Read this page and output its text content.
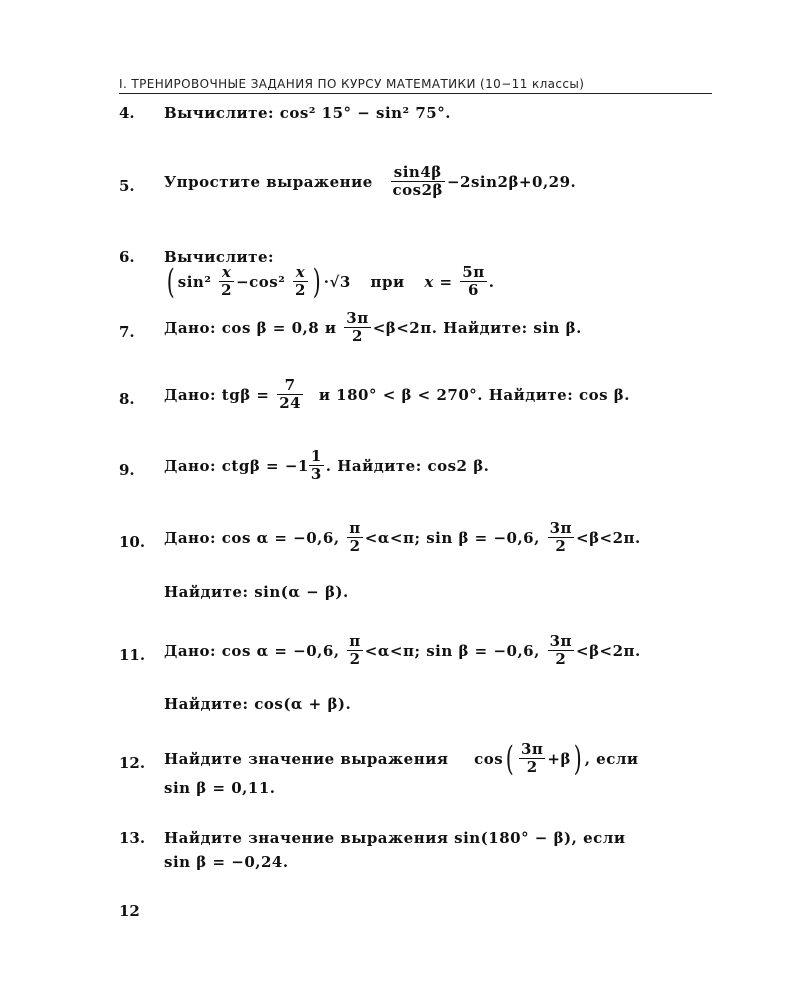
I. ТРЕНИРОВОЧНЫЕ ЗАДАНИЯ ПО КУРСУ МАТЕМАТИКИ (10−11 классы)
4. Вычислите: cos² 15° − sin² 75°.
5. Упростите выражение $\frac{\sin 4\beta}{\cos 2\beta} -2\sin 2\beta+0,29$.
6. Вычислите:
( $\sin^2 \frac{x}{2} -\cos^2 \frac{x}{2}$ ) ·√3 при $x = \frac{5\pi}{6}$ .
7. Дано: cos β = 0,8 и $\frac{3\pi}{2} <\beta<2\pi$. Найдите: sin β.
8. Дано: $tg\beta = \frac{7}{24}$ и 180° < β < 270°. Найдите: cos β.
9. Дано: $ctg\beta = -1 \frac{1}{3}$ . Найдите: cos2 β.
10. Дано: cos α = −0,6, $\frac{\pi}{2} <\alpha<\pi$; sin β = −0,6, $\frac{3\pi}{2} <\beta<2\pi$.
Найдите: sin(α − β).
11. Дано: cos α = −0,6, $\frac{\pi}{2} <\alpha<\pi$; sin β = −0,6, $\frac{3\pi}{2} <\beta<2\pi$.
Найдите: cos(α + β).
12. Найдите значение выражения $\cos( \frac{3\pi}{2} +\beta)$ , если
sin β = 0,11.
13. Найдите значение выражения sin(180° − β), если
sin β = −0,24.
12
